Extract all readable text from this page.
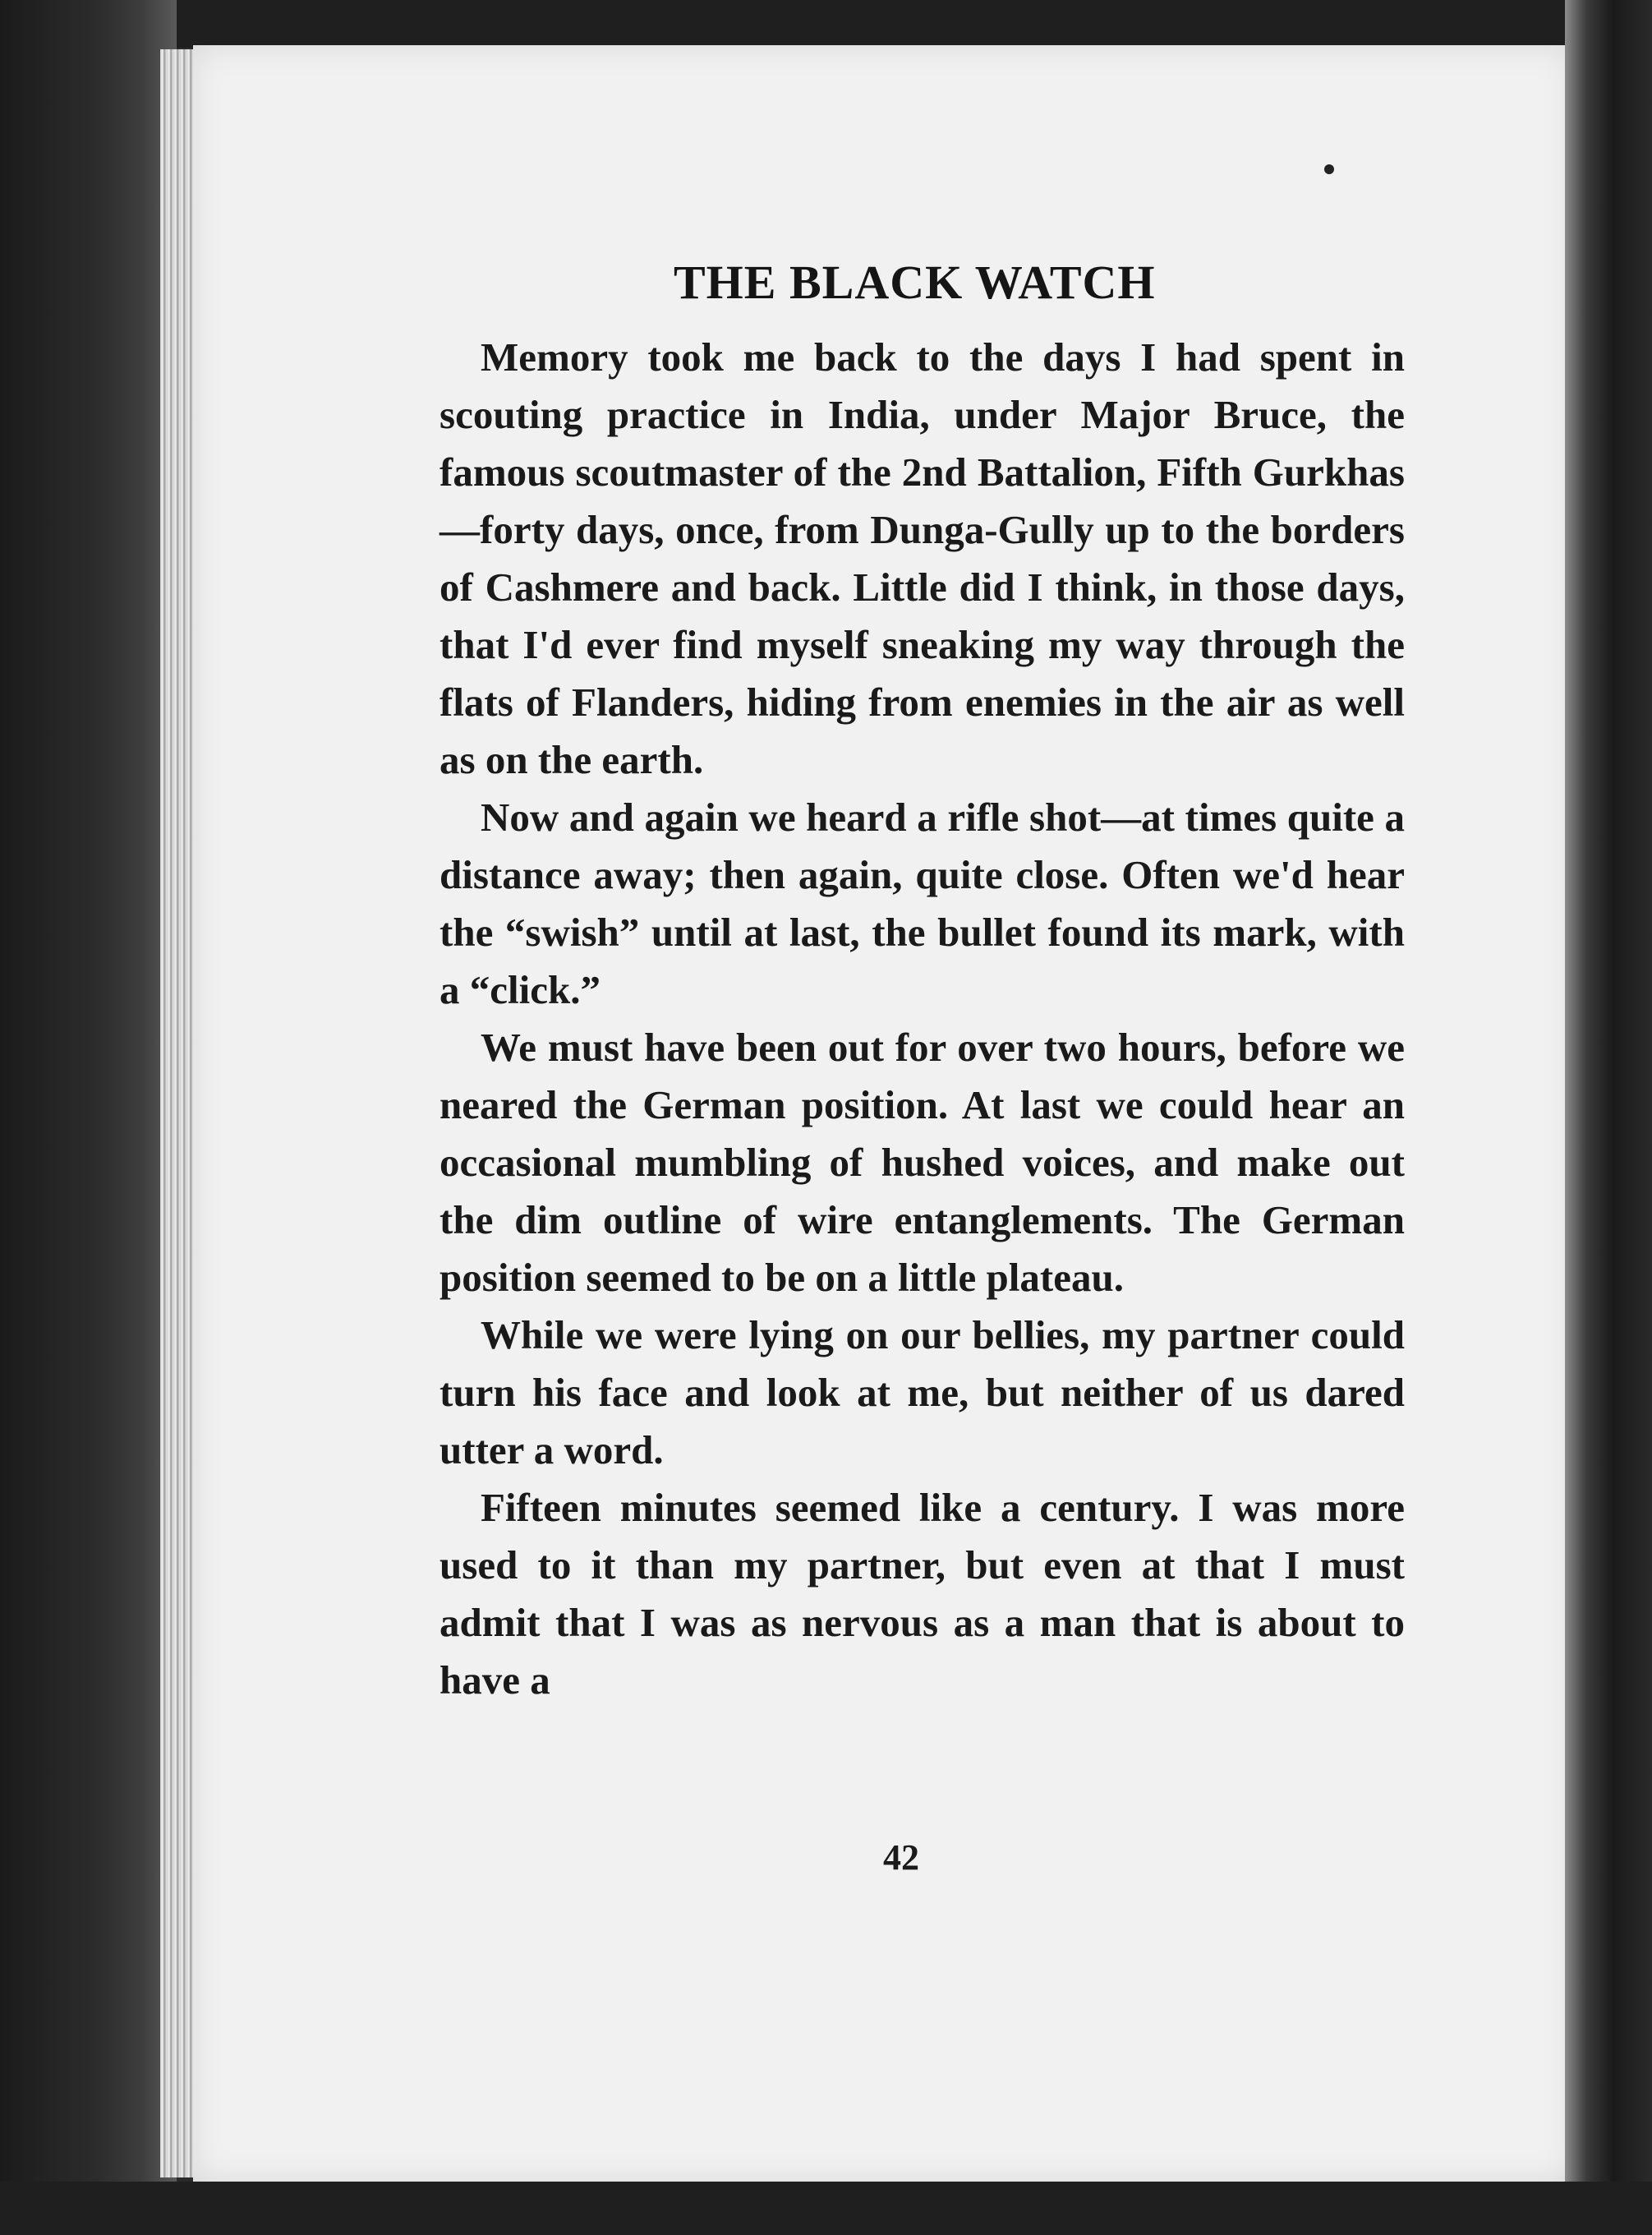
THE BLACK WATCH

Memory took me back to the days I had spent in scouting practice in India, under Major Bruce, the famous scoutmaster of the 2nd Battalion, Fifth Gurkhas—forty days, once, from Dunga-Gully up to the borders of Cashmere and back. Little did I think, in those days, that I'd ever find myself sneaking my way through the flats of Flanders, hiding from enemies in the air as well as on the earth.

Now and again we heard a rifle shot—at times quite a distance away; then again, quite close. Often we'd hear the “swish” until at last, the bullet found its mark, with a “click.”

We must have been out for over two hours, before we neared the German position. At last we could hear an occasional mumbling of hushed voices, and make out the dim outline of wire entanglements. The German position seemed to be on a little plateau.

While we were lying on our bellies, my partner could turn his face and look at me, but neither of us dared utter a word.

Fifteen minutes seemed like a century. I was more used to it than my partner, but even at that I must admit that I was as nervous as a man that is about to have a

42
